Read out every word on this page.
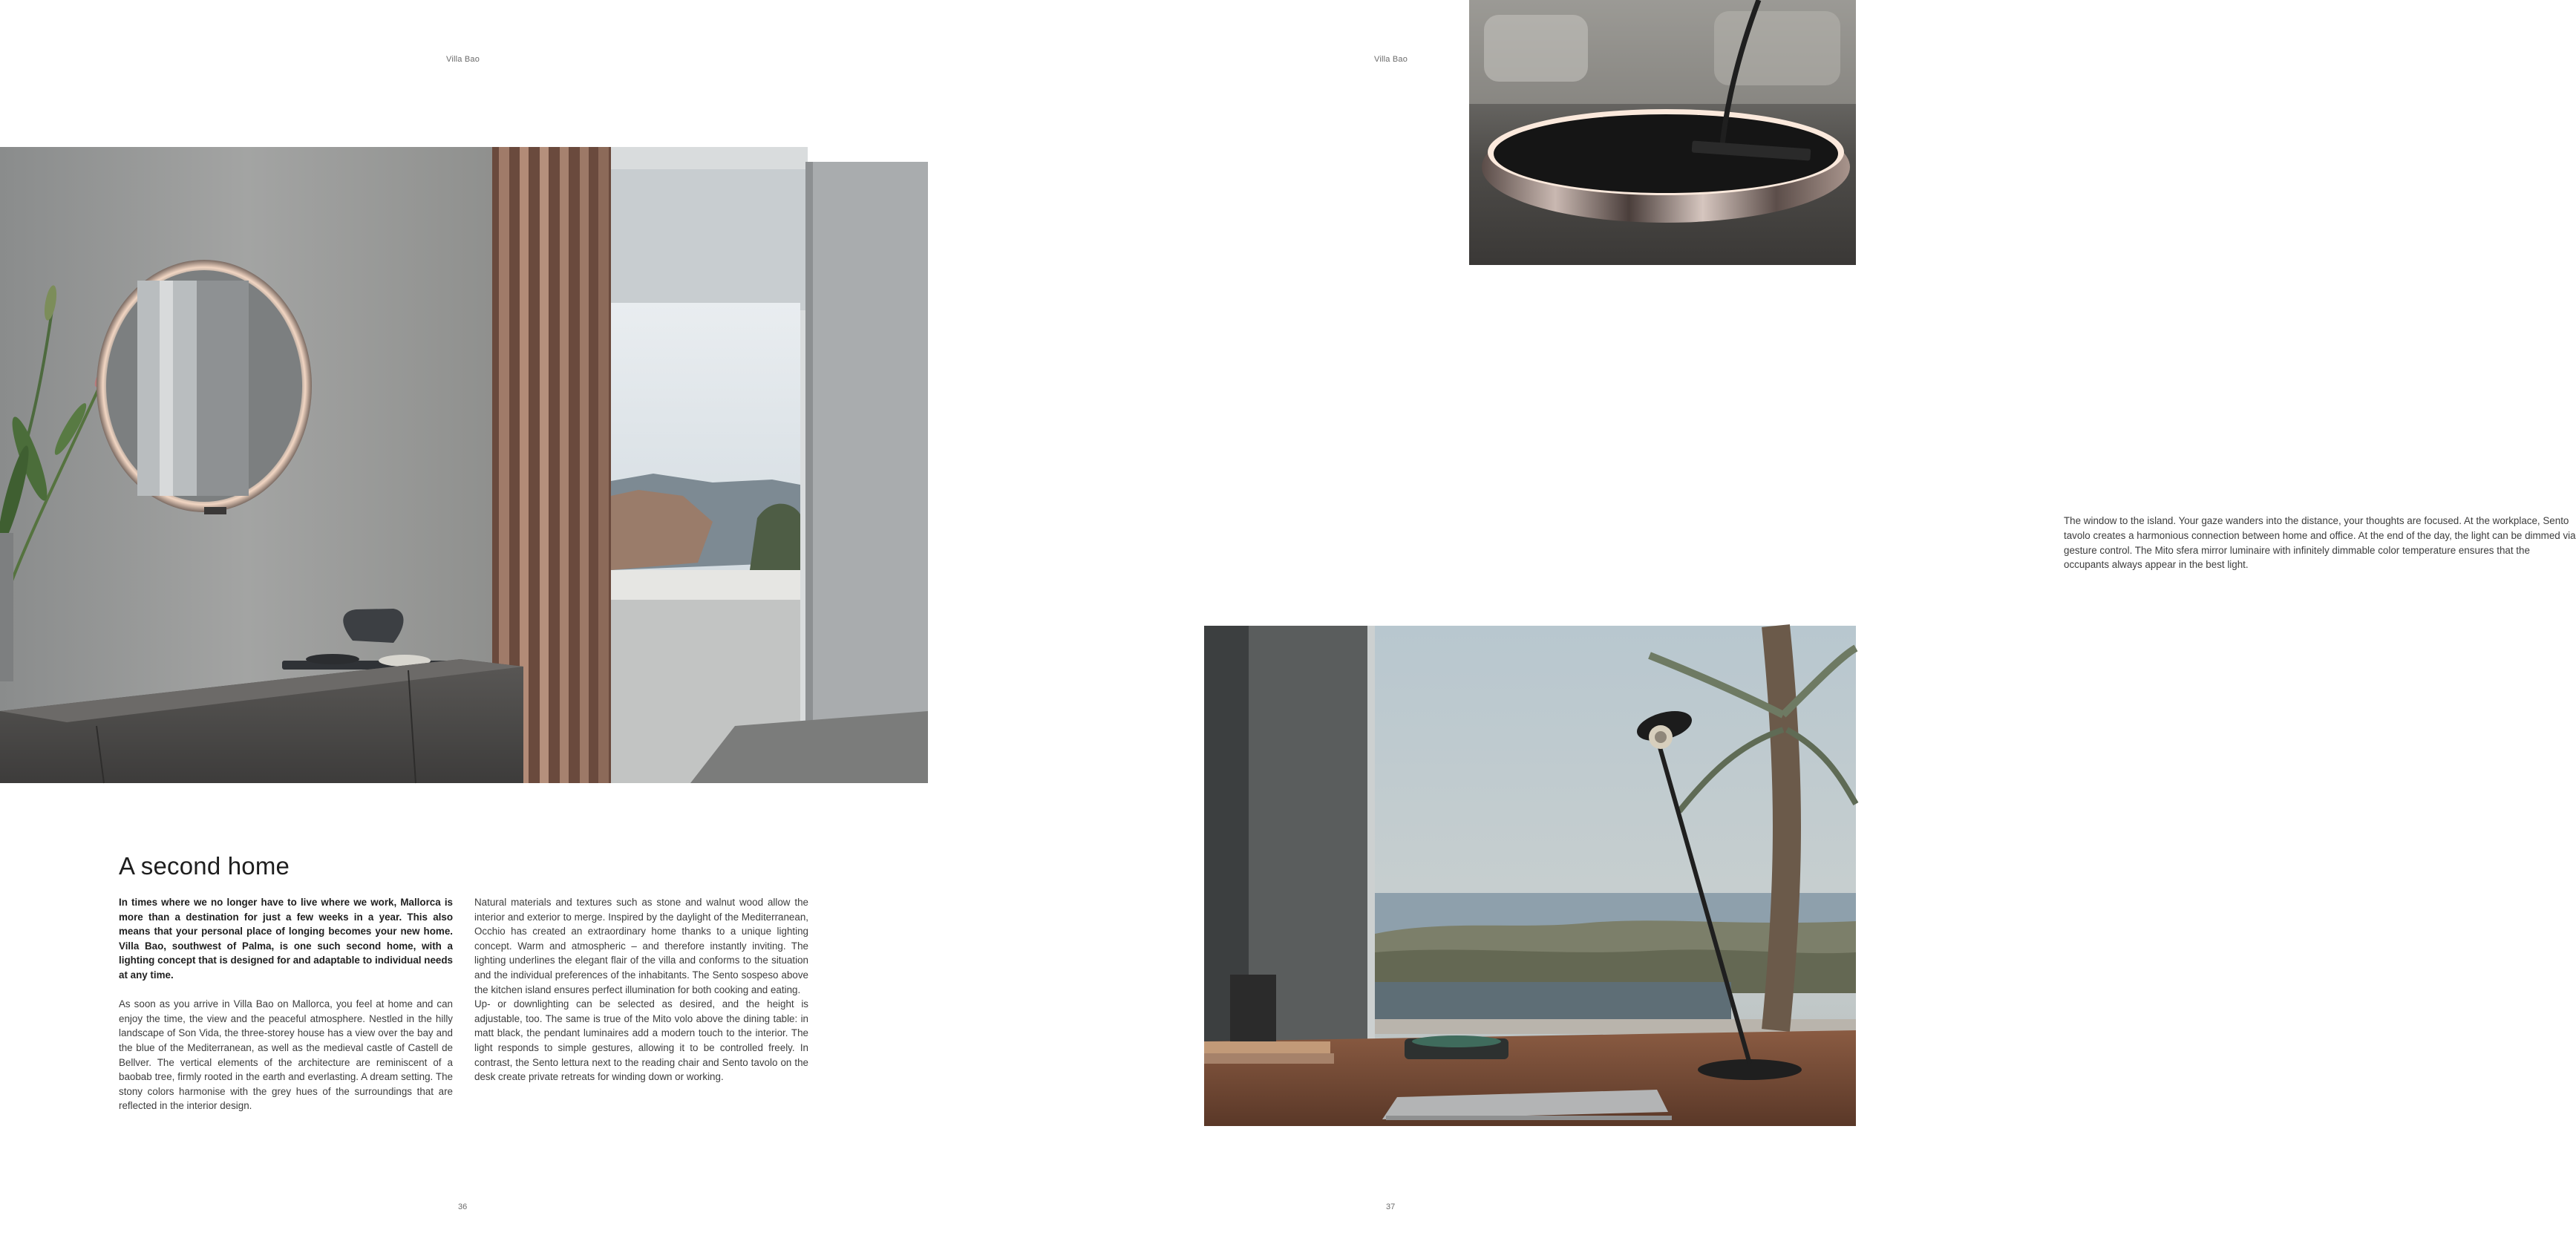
Villa Bao
A second home

In times where we no longer have to live where we work, Mallorca is more than a destination for just a few weeks in a year. This also means that your personal place of longing becomes your new home. Villa Bao, southwest of Palma, is one such second home, with a lighting concept that is designed for and adaptable to individual needs at any time.

As soon as you arrive in Villa Bao on Mallorca, you feel at home and can enjoy the time, the view and the peaceful atmosphere. Nestled in the hilly landscape of Son Vida, the three-storey house has a view over the bay and the blue of the Mediterranean, as well as the medieval castle of Castell de Bellver. The vertical elements of the architecture are reminiscent of a baobab tree, firmly rooted in the earth and everlasting. A dream setting. The stony colors harmonise with the grey hues of the surroundings that are reflected in the interior design.

Natural materials and textures such as stone and walnut wood allow the interior and exterior to merge. Inspired by the daylight of the Mediterranean, Occhio has created an extraordinary home thanks to a unique lighting concept. Warm and atmospheric – and therefore instantly inviting. The lighting underlines the elegant flair of the villa and conforms to the situation and the individual preferences of the inhabitants. The Sento sospeso above the kitchen island ensures perfect illumination for both cooking and eating.

Up- or downlighting can be selected as desired, and the height is adjustable, too. The same is true of the Mito volo above the dining table: in matt black, the pendant luminaires add a modern touch to the interior. The light responds to simple gestures, allowing it to be controlled freely. In contrast, the Sento lettura next to the reading chair and Sento tavolo on the desk create private retreats for winding down or working.

36
Villa Bao

The window to the island. Your gaze wanders into the distance, your thoughts are focused. At the workplace, Sento tavolo creates a harmonious connection between home and office. At the end of the day, the light can be dimmed via gesture control. The Mito sfera mirror luminaire with infinitely dimmable color temperature ensures that the occupants always appear in the best light.

37
